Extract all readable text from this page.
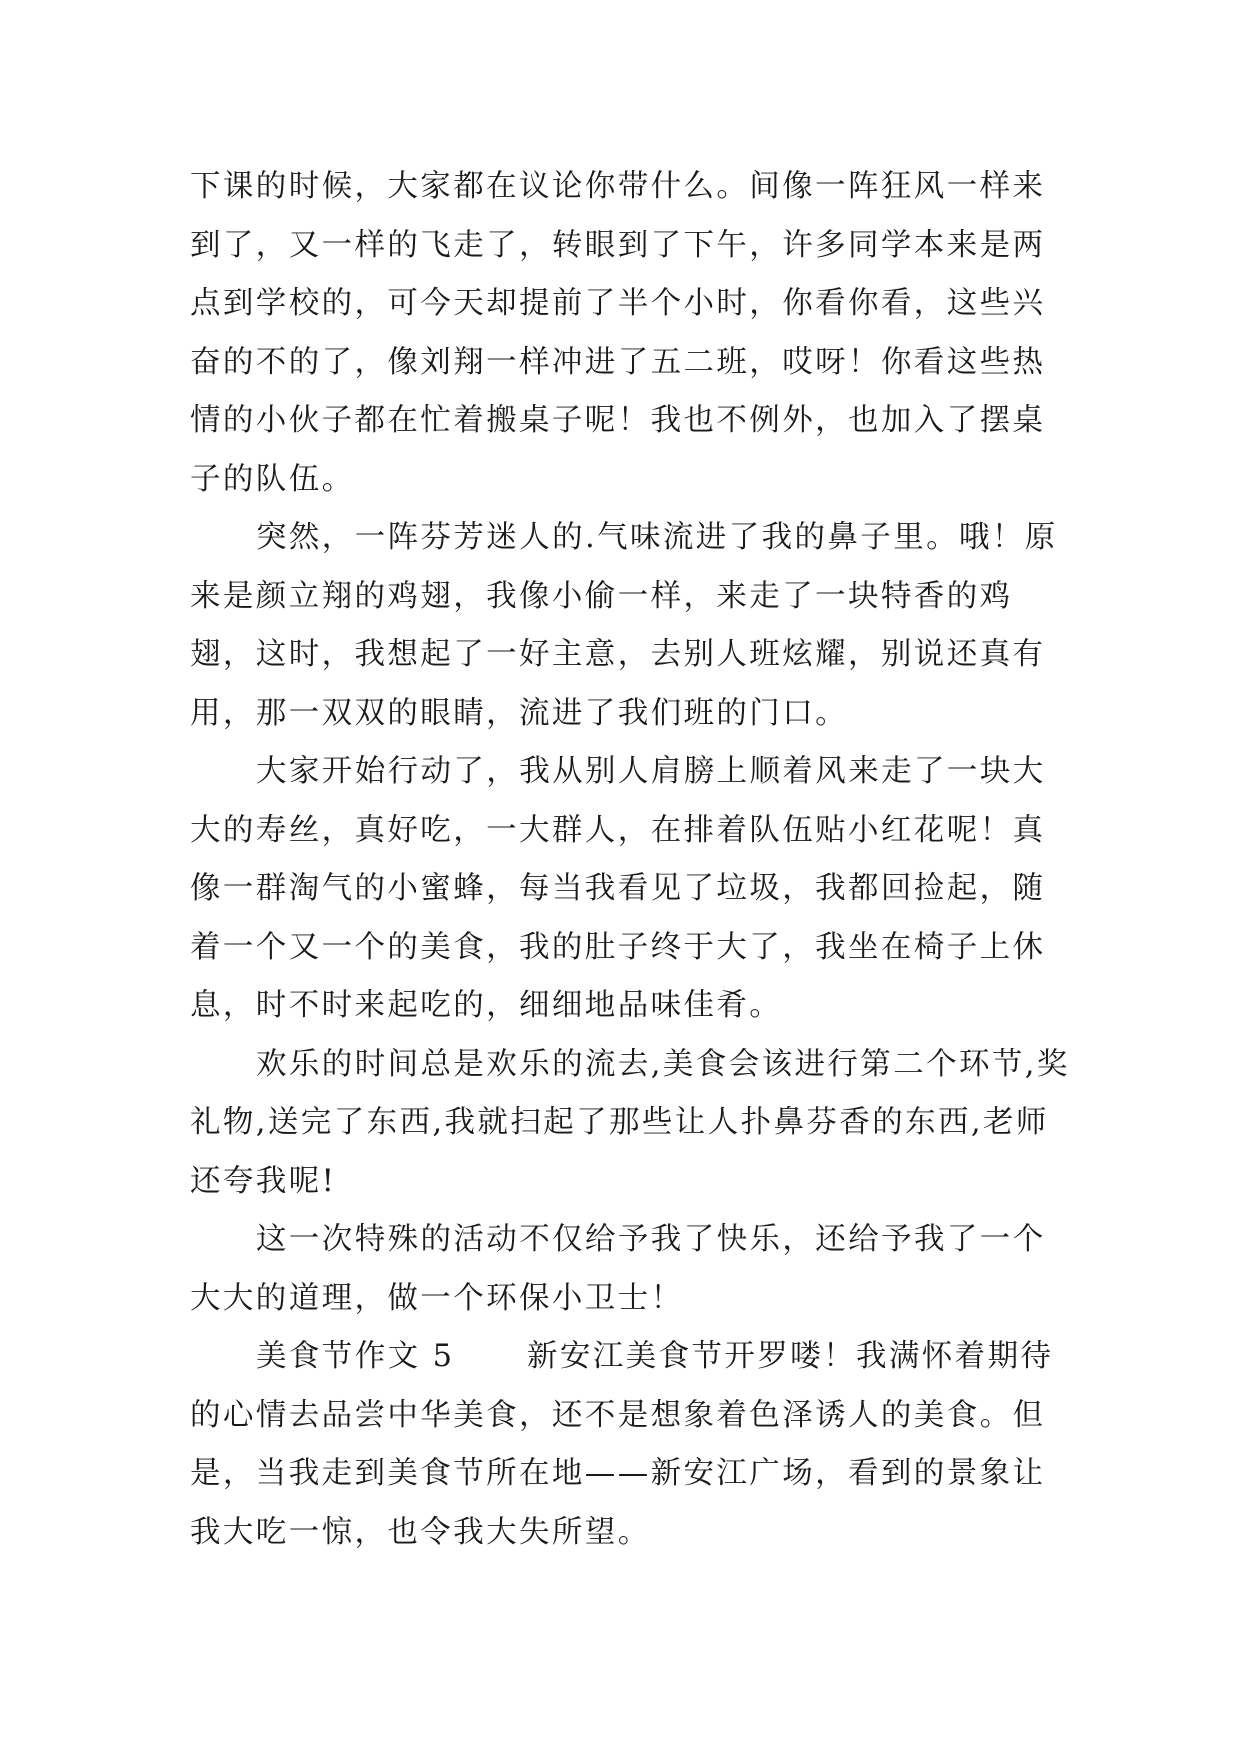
下课的时候，大家都在议论你带什么。间像一阵狂风一样来到了，又一样的飞走了，转眼到了下午，许多同学本来是两点到学校的，可今天却提前了半个小时，你看你看，这些兴奋的不的了，像刘翔一样冲进了五二班，哎呀！你看这些热情的小伙子都在忙着搬桌子呢！我也不例外，也加入了摆桌子的队伍。

突然，一阵芬芳迷人的.气味流进了我的鼻子里。哦！原来是颜立翔的鸡翅，我像小偷一样，来走了一块特香的鸡翅，这时，我想起了一好主意，去别人班炫耀，别说还真有用，那一双双的眼睛，流进了我们班的门口。

大家开始行动了，我从别人肩膀上顺着风来走了一块大大的寿丝，真好吃，一大群人，在排着队伍贴小红花呢！真像一群淘气的小蜜蜂，每当我看见了垃圾，我都回捡起，随着一个又一个的美食，我的肚子终于大了，我坐在椅子上休息，时不时来起吃的，细细地品味佳肴。

欢乐的时间总是欢乐的流去,美食会该进行第二个环节,奖礼物,送完了东西,我就扫起了那些让人扑鼻芬香的东西,老师还夸我呢!

这一次特殊的活动不仅给予我了快乐，还给予我了一个大大的道理，做一个环保小卫士！

美食节作文 5      新安江美食节开罗喽！我满怀着期待的心情去品尝中华美食，还不是想象着色泽诱人的美食。但是，当我走到美食节所在地——新安江广场，看到的景象让我大吃一惊，也令我大失所望。
